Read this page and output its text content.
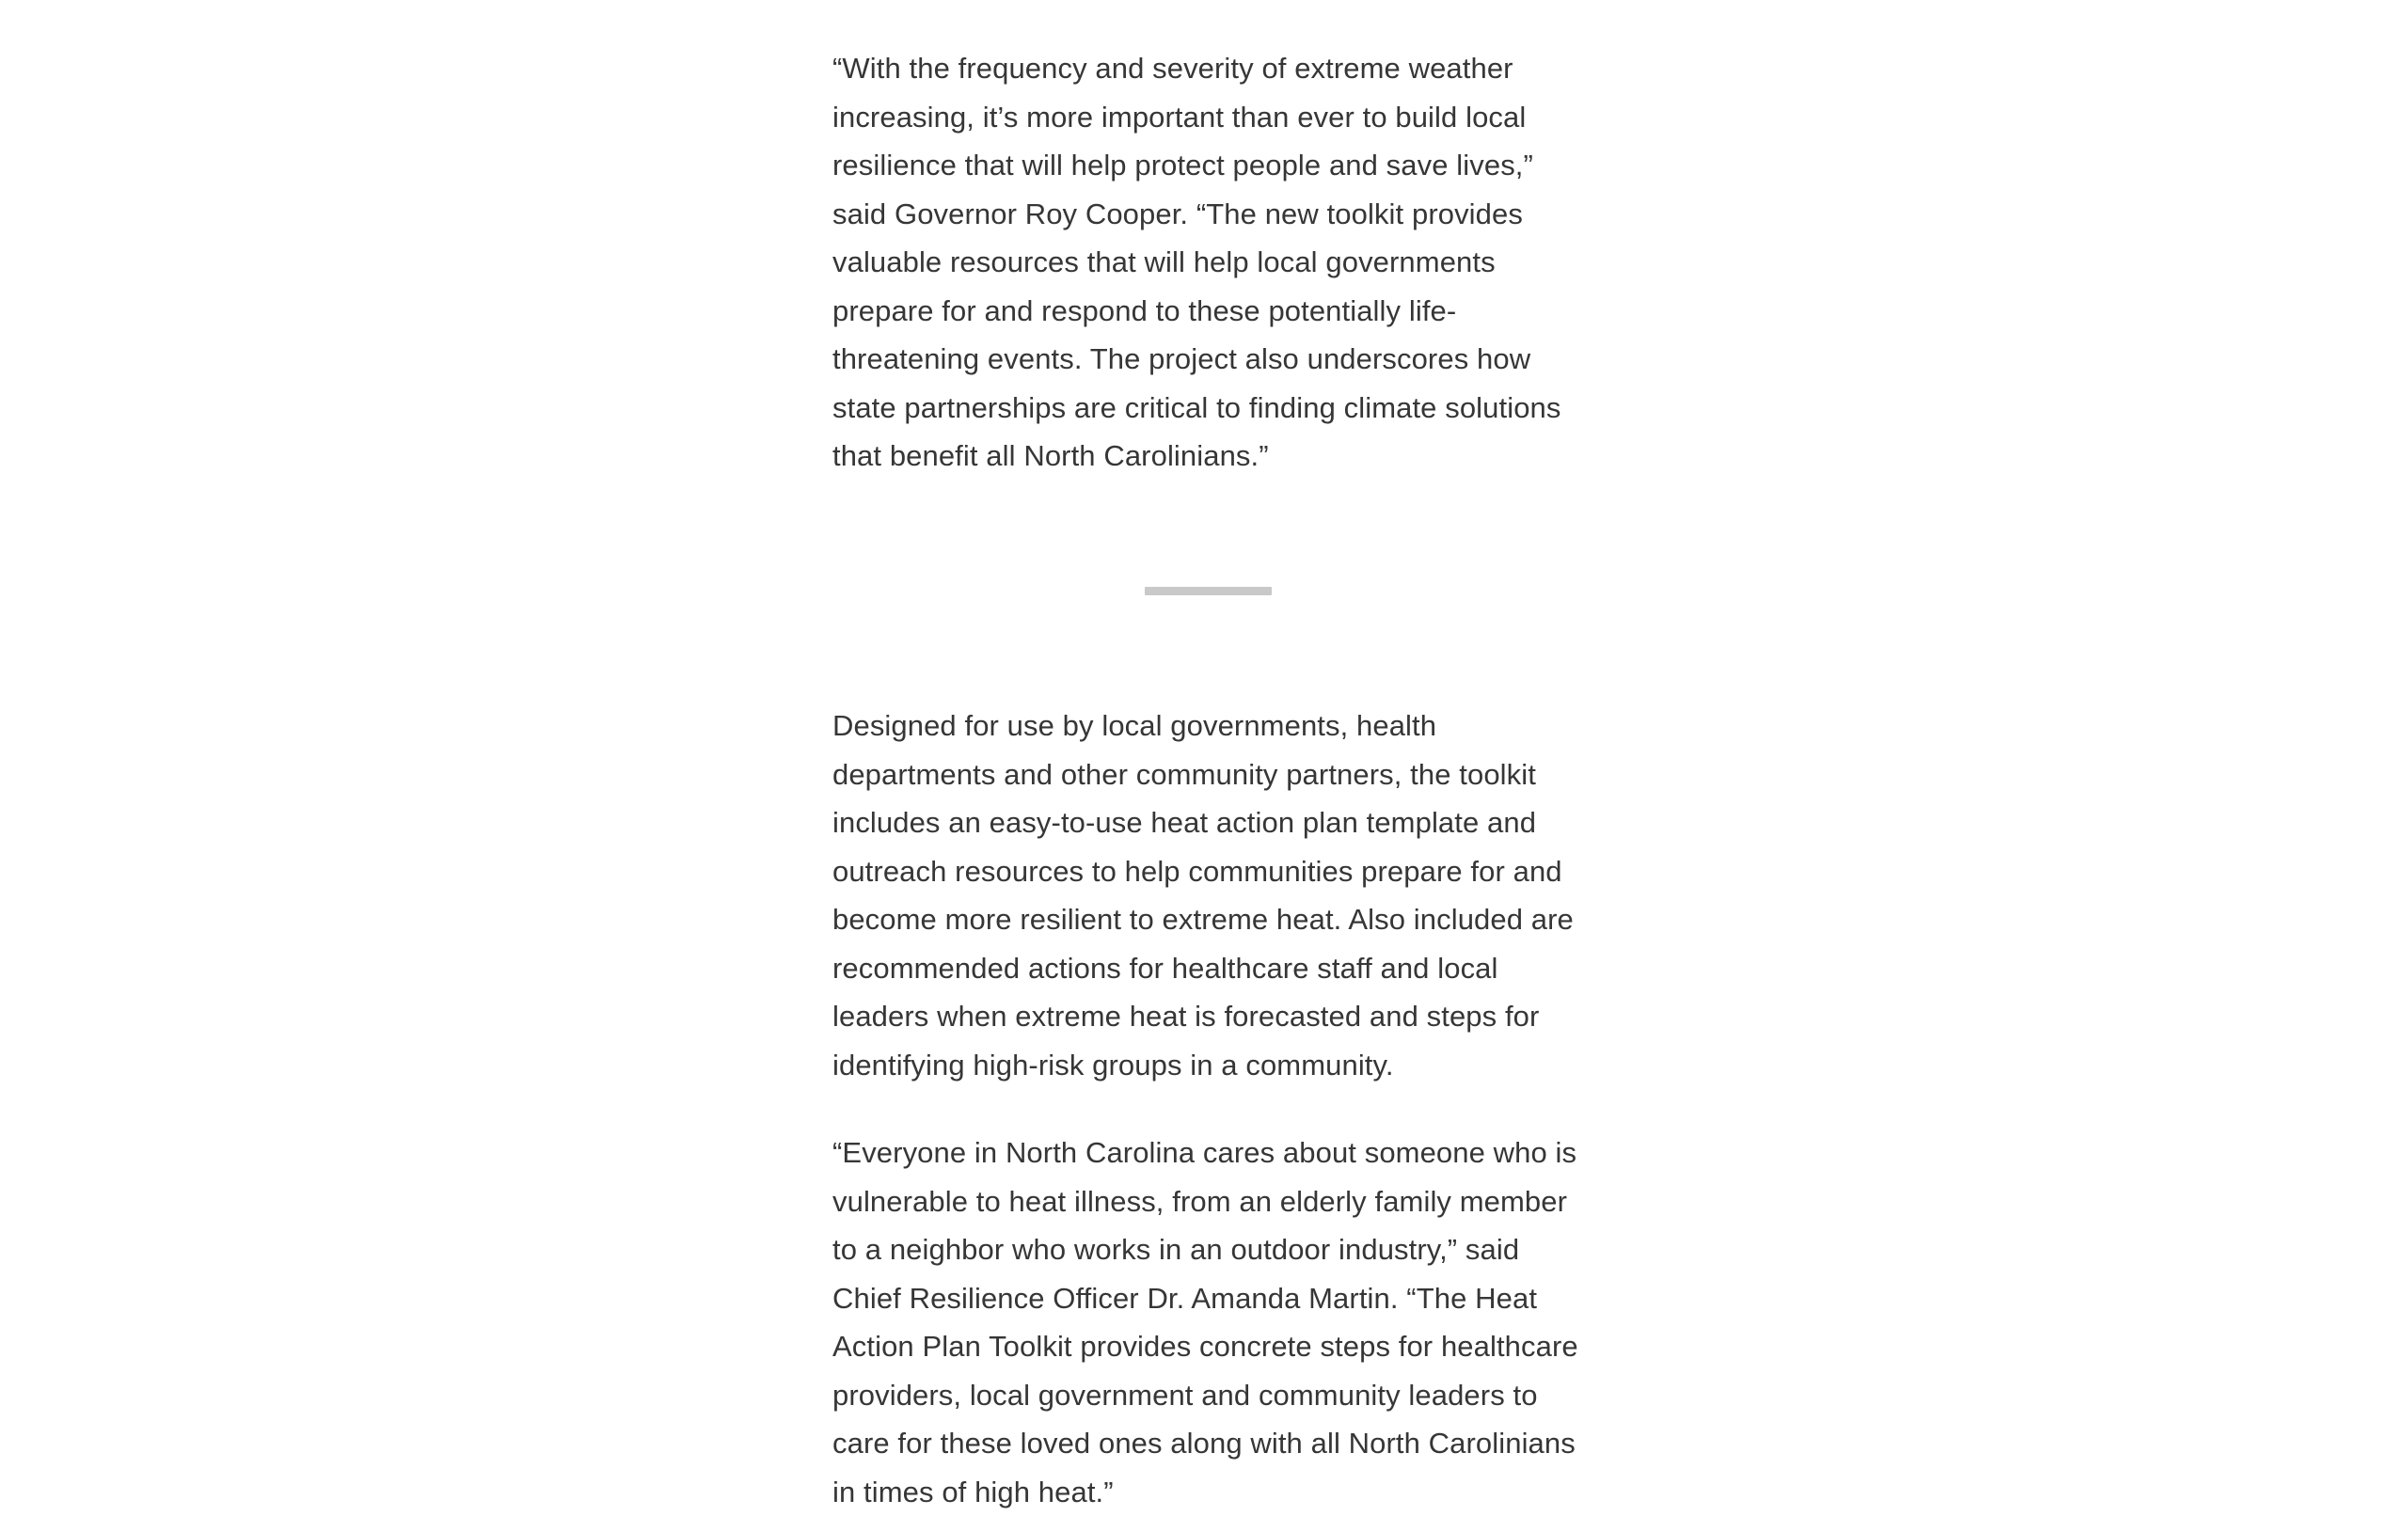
“With the frequency and severity of extreme weather increasing, it’s more important than ever to build local resilience that will help protect people and save lives,” said Governor Roy Cooper. “The new toolkit provides valuable resources that will help local governments prepare for and respond to these potentially life-threatening events. The project also underscores how state partnerships are critical to finding climate solutions that benefit all North Carolinians.”

Designed for use by local governments, health departments and other community partners, the toolkit includes an easy-to-use heat action plan template and outreach resources to help communities prepare for and become more resilient to extreme heat. Also included are recommended actions for healthcare staff and local leaders when extreme heat is forecasted and steps for identifying high-risk groups in a community.

“Everyone in North Carolina cares about someone who is vulnerable to heat illness, from an elderly family member to a neighbor who works in an outdoor industry,” said Chief Resilience Officer Dr. Amanda Martin. “The Heat Action Plan Toolkit provides concrete steps for healthcare providers, local government and community leaders to care for these loved ones along with all North Carolinians in times of high heat.”
